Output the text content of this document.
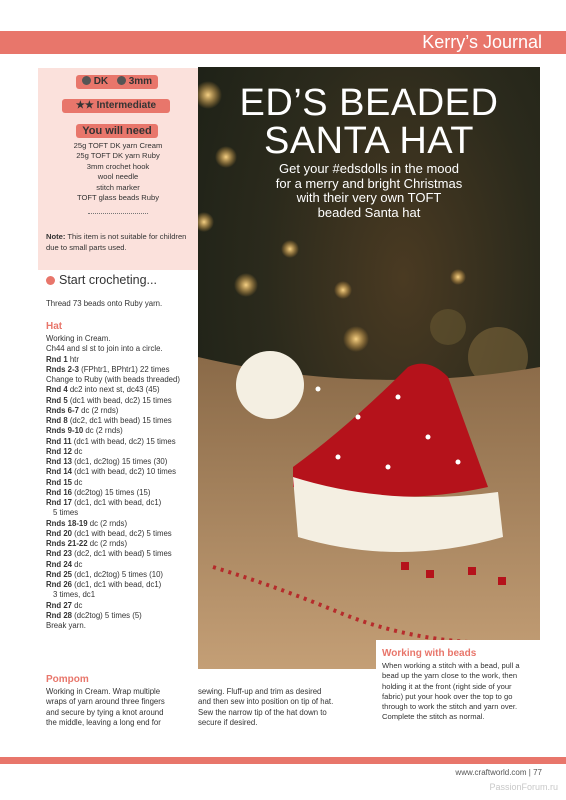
Kerry’s Journal
DK 3mm
★★ Intermediate
You will need
25g TOFT DK yarn Cream
25g TOFT DK yarn Ruby
3mm crochet hook
wool needle
stitch marker
TOFT glass beads Ruby
Note: This item is not suitable for children due to small parts used.
Start crocheting...
Thread 73 beads onto Ruby yarn.
Hat
Working in Cream.
Ch44 and sl st to join into a circle.
Rnd 1 htr
Rnds 2-3 (FPhtr1, BPhtr1) 22 times
Change to Ruby (with beads threaded)
Rnd 4 dc2 into next st, dc43 (45)
Rnd 5 (dc1 with bead, dc2) 15 times
Rnds 6-7 dc (2 rnds)
Rnd 8 (dc2, dc1 with bead) 15 times
Rnds 9-10 dc (2 rnds)
Rnd 11 (dc1 with bead, dc2) 15 times
Rnd 12 dc
Rnd 13 (dc1, dc2tog) 15 times (30)
Rnd 14 (dc1 with bead, dc2) 10 times
Rnd 15 dc
Rnd 16 (dc2tog) 15 times (15)
Rnd 17 (dc1, dc1 with bead, dc1)
5 times
Rnds 18-19 dc (2 rnds)
Rnd 20 (dc1 with bead, dc2) 5 times
Rnds 21-22 dc (2 rnds)
Rnd 23 (dc2, dc1 with bead) 5 times
Rnd 24 dc
Rnd 25 (dc1, dc2tog) 5 times (10)
Rnd 26 (dc1, dc1 with bead, dc1)
3 times, dc1
Rnd 27 dc
Rnd 28 (dc2tog) 5 times (5)
Break yarn.
Pompom
Working in Cream. Wrap multiple
wraps of yarn around three fingers
and secure by tying a knot around
the middle, leaving a long end for
sewing. Fluff-up and trim as desired
and then sew into position on tip of hat.
Sew the narrow tip of the hat down to
secure if desired.
ED’S BEADED
SANTA HAT
Get your #edsdolls in the mood
for a merry and bright Christmas
with their very own TOFT
beaded Santa hat
Working with beads
When working a stitch with a bead, pull a
bead up the yarn close to the work, then
holding it at the front (right side of your
fabric) put your hook over the top to go
through to work the stitch and yarn over.
Complete the stitch as normal.
www.craftworld.com | 77
PassionForum.ru
